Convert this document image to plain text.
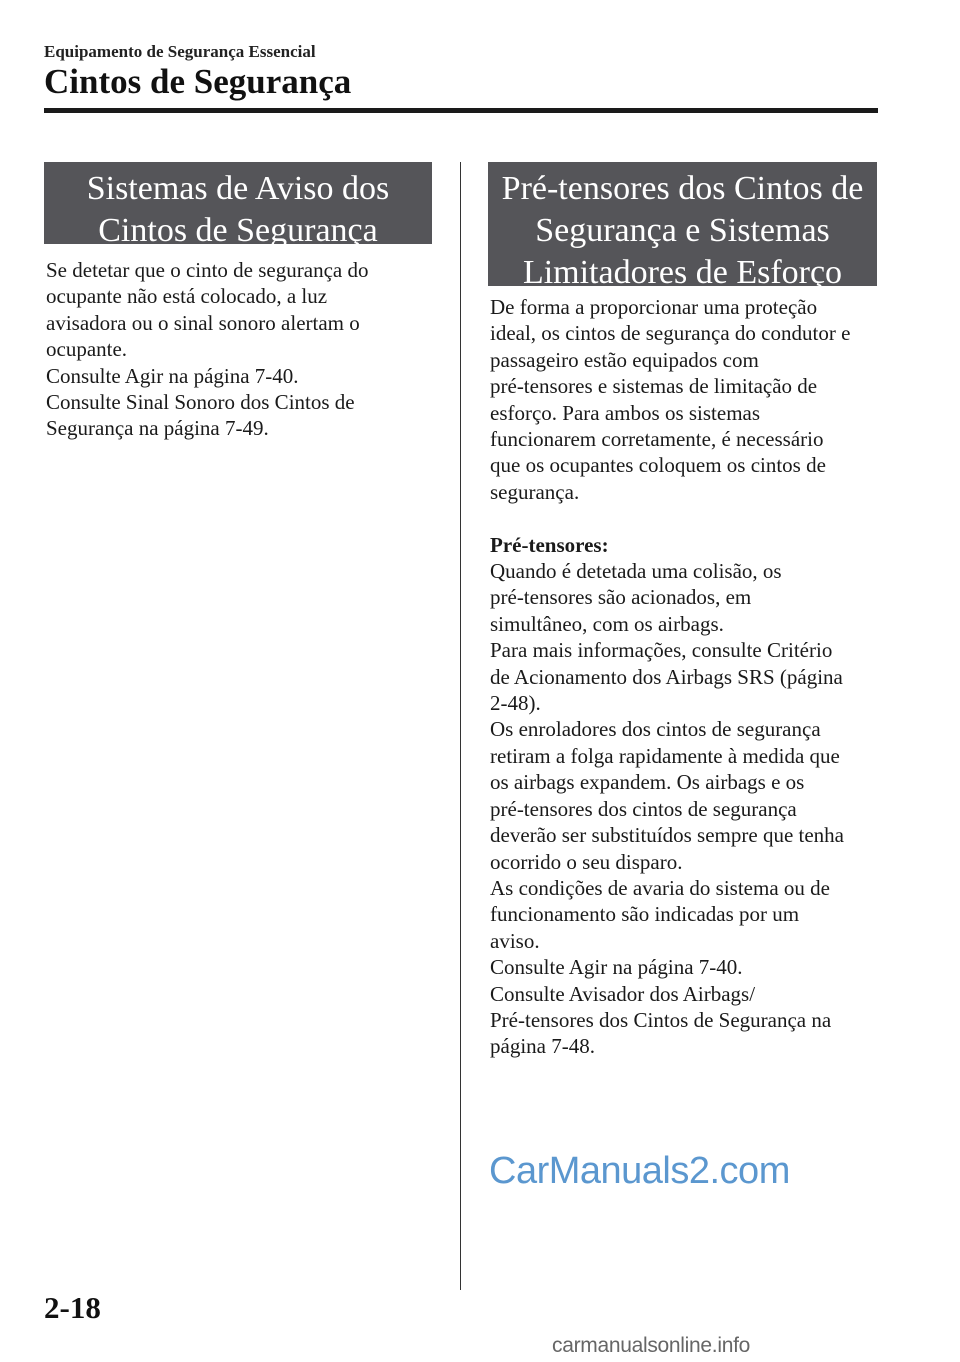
Equipamento de Segurança Essencial
Cintos de Segurança
Sistemas de Aviso dos
Cintos de Segurança

Se detetar que o cinto de segurança do

ocupante não está colocado, a luz

avisadora ou o sinal sonoro alertam o

ocupante.

Consulte Agir na página 7-40.

Consulte Sinal Sonoro dos Cintos de

Segurança na página 7-49.

Pré-tensores dos Cintos de
Segurança e Sistemas
Limitadores de Esforço

De forma a proporcionar uma proteção

ideal, os cintos de segurança do condutor e

passageiro estão equipados com

pré-tensores e sistemas de limitação de

esforço. Para ambos os sistemas

funcionarem corretamente, é necessário

que os ocupantes coloquem os cintos de

segurança.

Pré-tensores:

Quando é detetada uma colisão, os

pré-tensores são acionados, em

simultâneo, com os airbags.

Para mais informações, consulte Critério

de Acionamento dos Airbags SRS (página

2-48).

Os enroladores dos cintos de segurança

retiram a folga rapidamente à medida que

os airbags expandem. Os airbags e os

pré-tensores dos cintos de segurança

deverão ser substituídos sempre que tenha

ocorrido o seu disparo.

As condições de avaria do sistema ou de

funcionamento são indicadas por um

aviso.

Consulte Agir na página 7-40.

Consulte Avisador dos Airbags/

Pré-tensores dos Cintos de Segurança na

página 7-48.

CarManuals2.com
2-18
carmanualsonline.info
